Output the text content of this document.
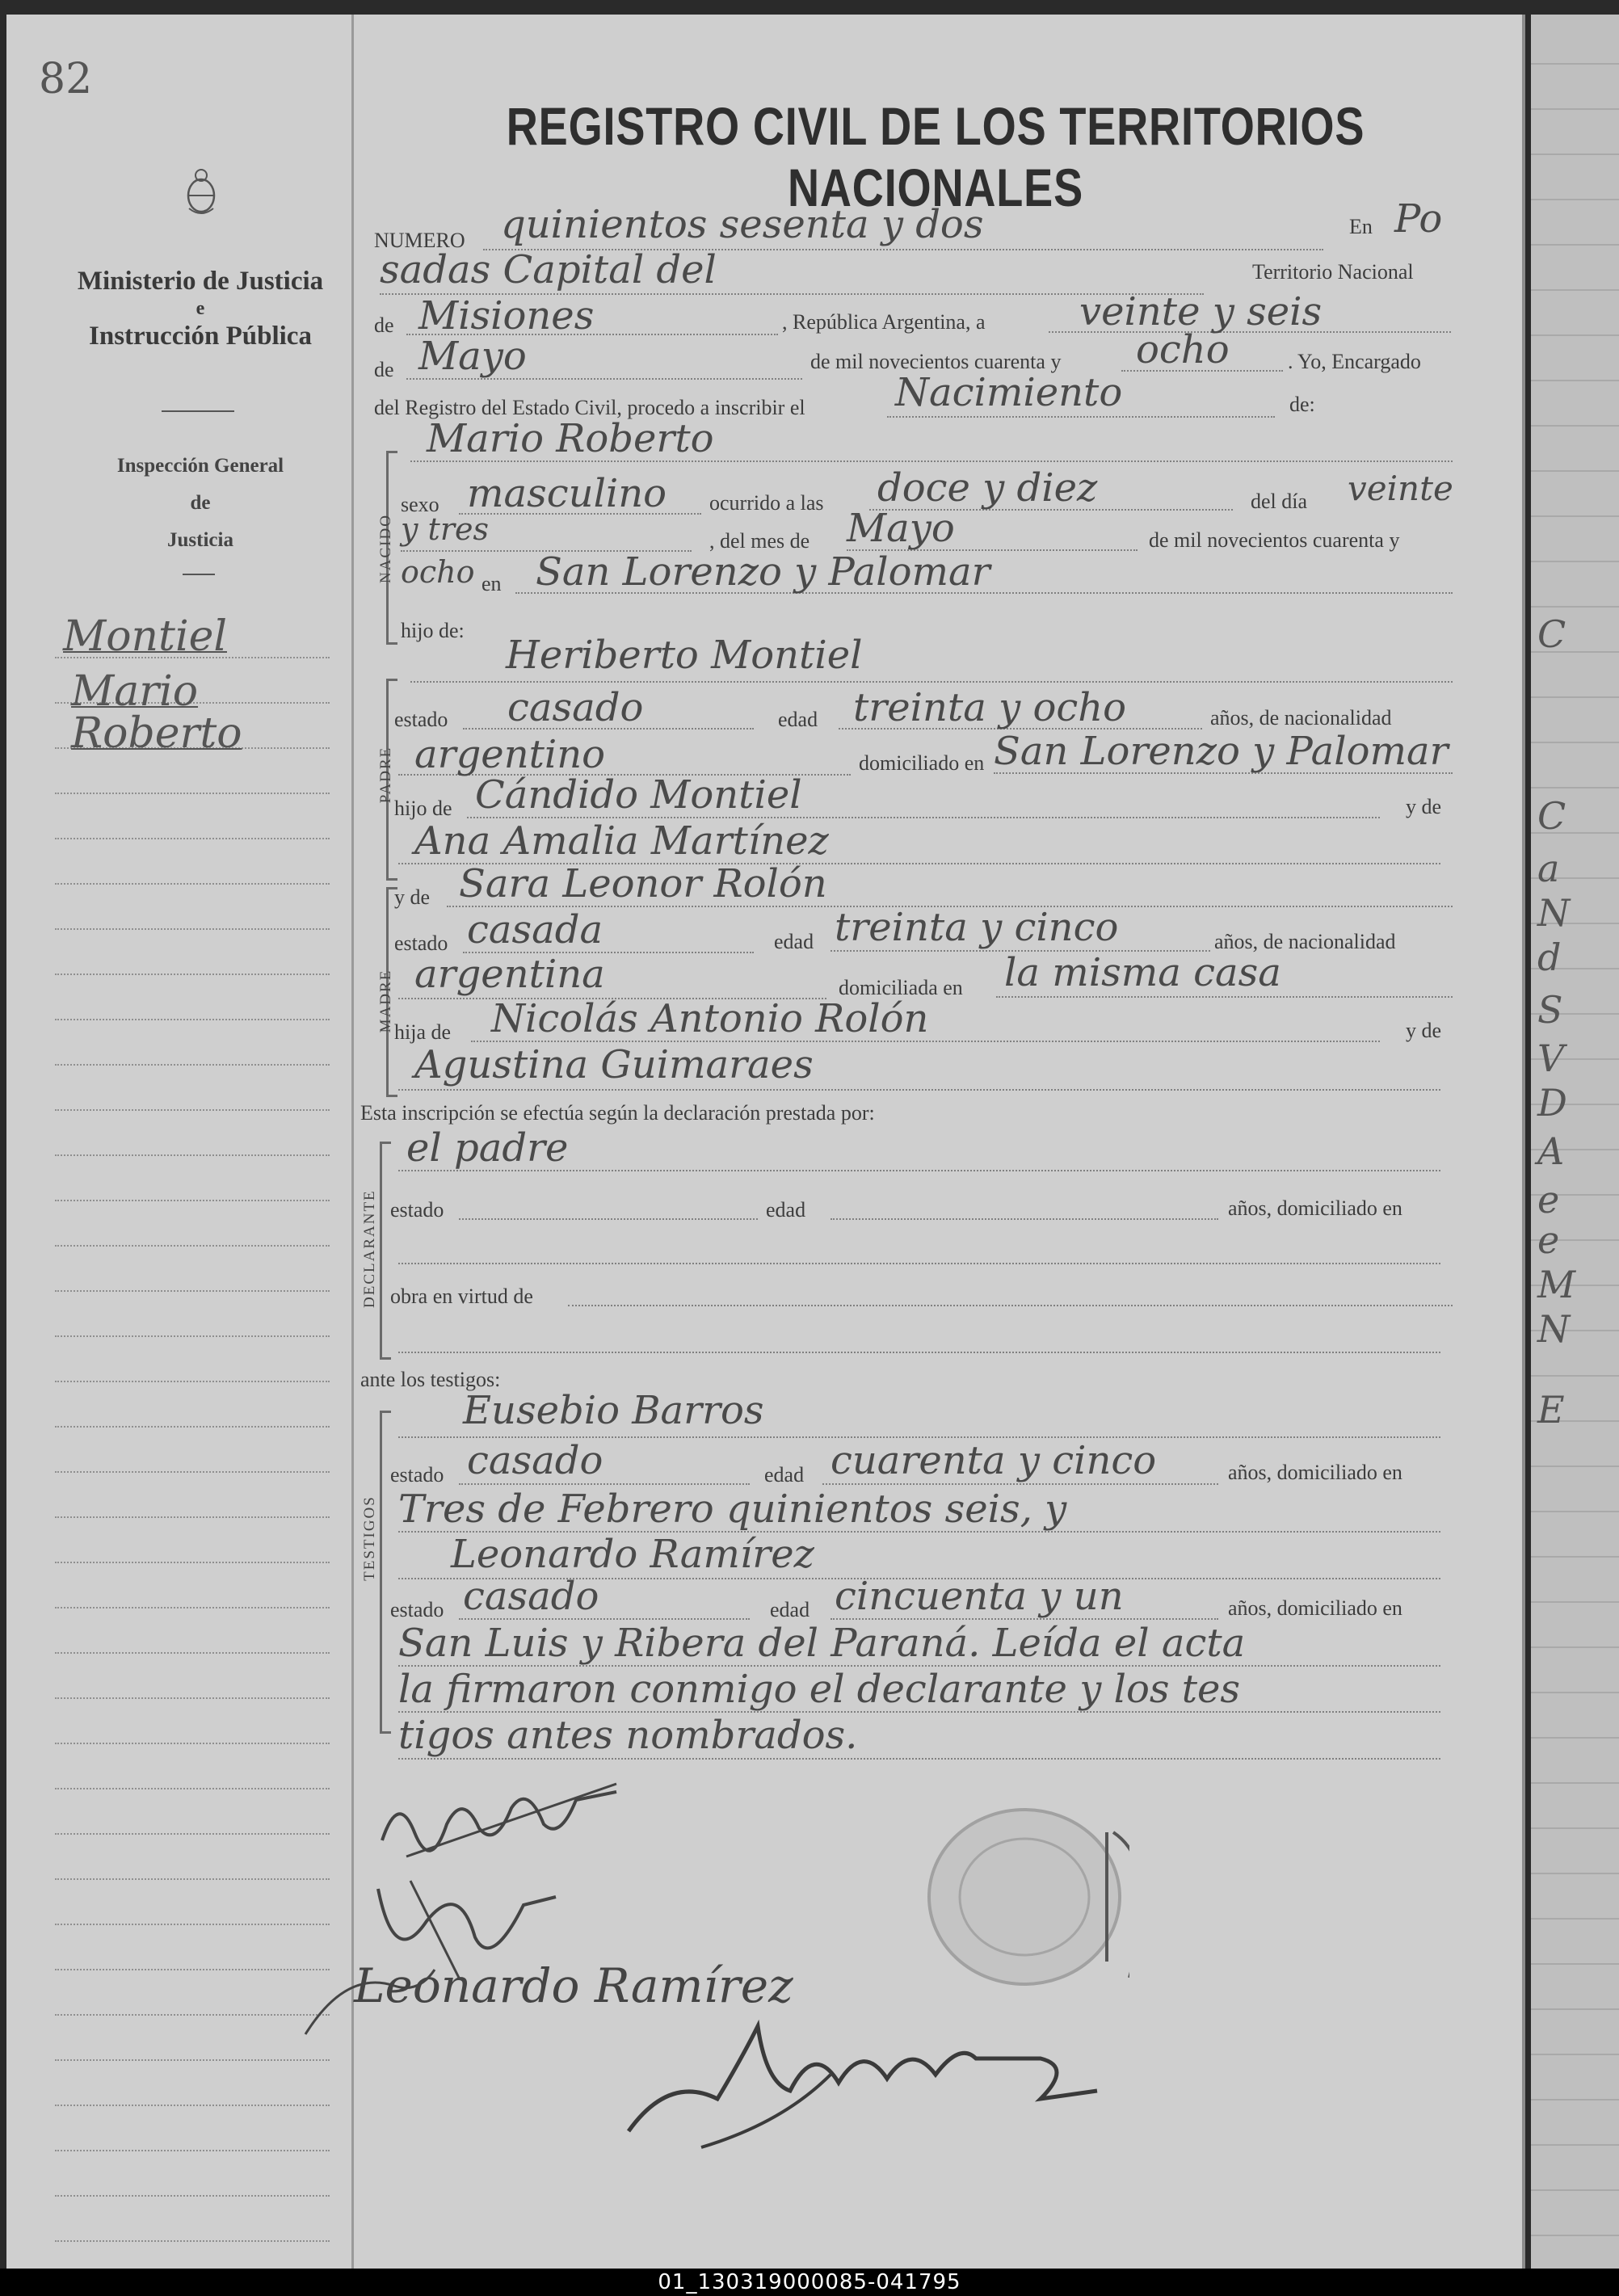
82
Ministerio de Justicia
e
Instrucción Pública
Inspección General
de
Justicia
Montiel
Mario
Roberto
REGISTRO CIVIL DE LOS TERRITORIOS NACIONALES
NUMERO quinientos sesenta y dos	En Po
sadas Capital del	Territorio Nacional
de Misiones	, República Argentina, a veinte y seis
de Mayo	de mil novecientos cuarenta y ocho	. Yo, Encargado
del Registro del Estado Civil, procedo a inscribir el Nacimiento	de:
NACIDO
Mario Roberto
sexo masculino ocurrido a las doce y diez	del día veinte
y tres	, del mes de Mayo	de mil novecientos cuarenta y
ocho en San Lorenzo y Palomar
hijo de:
PADRE
Heriberto Montiel
estado casado	edad treinta y ocho	años, de nacionalidad
argentino	domiciliado en San Lorenzo y Palomar
hijo de Cándido Montiel	y de
Ana Amalia Martínez
MADRE
y de Sara Leonor Rolón
estado casada	edad treinta y cinco	años, de nacionalidad
argentina	domiciliada en la misma casa
hija de Nicolás Antonio Rolón	y de
Agustina Guimaraes
Esta inscripción se efectúa según la declaración prestada por:
DECLARANTE
el padre
estado	edad	años, domiciliado en
obra en virtud de
ante los testigos:
TESTIGOS
Eusebio Barros
estado casado	edad cuarenta y cinco	años, domiciliado en
Tres de Febrero quinientos seis, y
Leonardo Ramírez
estado casado	edad cincuenta y un	años, domiciliado en
San Luis y Ribera del Paraná. Leída el acta
la firmaron conmigo el declarante y los tes
tigos antes nombrados.
Leonardo Ramírez
C
C
a
N
d
S
V
D
A
e
e
M
N
E
01_130319000085-041795
